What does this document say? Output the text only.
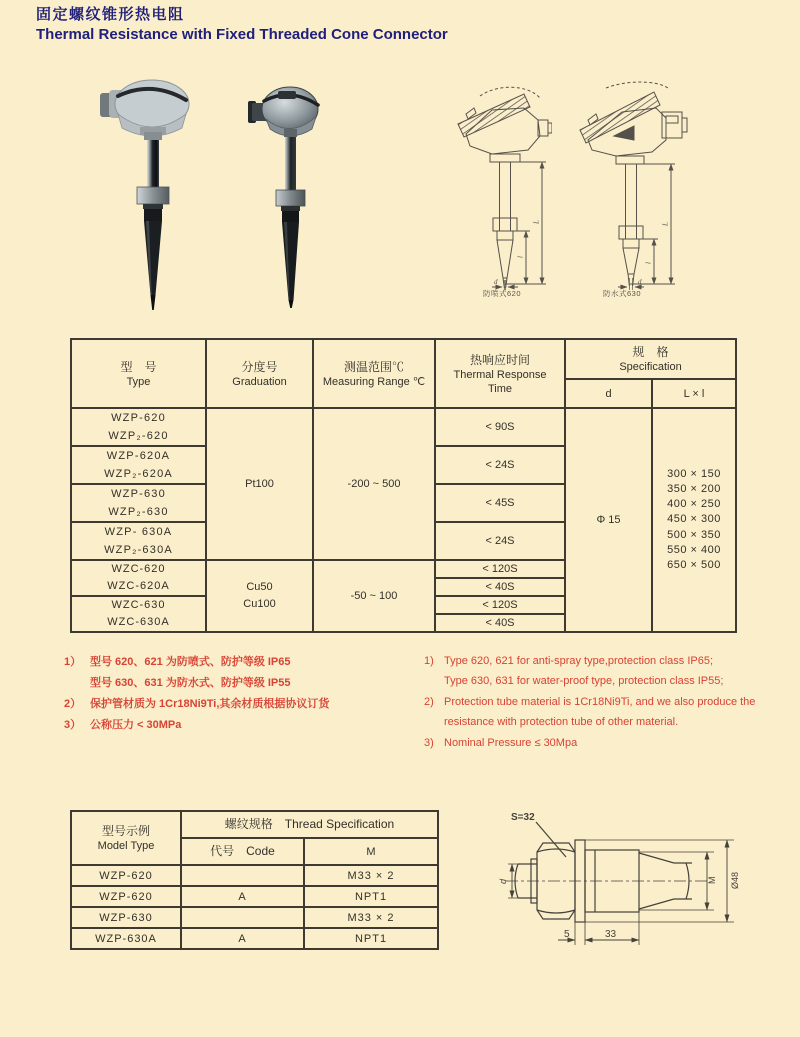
固定螺纹锥形热电阻
Thermal Resistance with Fixed Threaded Cone Connector
l
L
d
防喷式620
l
L
d
防水式630
型　号
Type

分度号
Graduation

测温范围℃
Measuring Range ℃

热响应时间
Thermal Response
Time

规　格
Specification

				d	L × l

WZP-620
WZP₂-620
	Pt100	-200 ~ 500	< 90S	Φ 15	
300 × 150
350 × 200
400 × 250
450 × 300
500 × 350
550 × 400
650 × 500

WZP-620A
WZP₂-620A			< 24S		

WZP-630
WZP₂-630			< 45S		

WZP- 630A
WZP₂-630A			< 24S		
WZC-620	Cu50
Cu100	-50 ~ 100	< 120S		
WZC-620A			< 40S		
WZC-630			< 120S		
WZC-630A			< 40S		
1） 型号 620、621 为防喷式、防护等级 IP65
型号 630、631 为防水式、防护等级 IP55
2） 保护管材质为 1Cr18Ni9Ti,其余材质根据协议订货
3） 公称压力 < 30MPa
1) Type 620, 621 for anti-spray type,protection class IP65;
Type 630, 631 for water-proof type, protection class IP55;
2) Protection tube material is 1Cr18Ni9Ti, and we also produce the
resistance with protection tube of other material.
3) Nominal Pressure ≤ 30Mpa
型号示例
Model Type	螺纹规格　Thread Specification	
	代号　Code	M
WZP-620		M33 × 2
WZP-620	A	NPT1
WZP-630		M33 × 2
WZP-630A	A	NPT1
S=32
d	M Ø48
5	33
